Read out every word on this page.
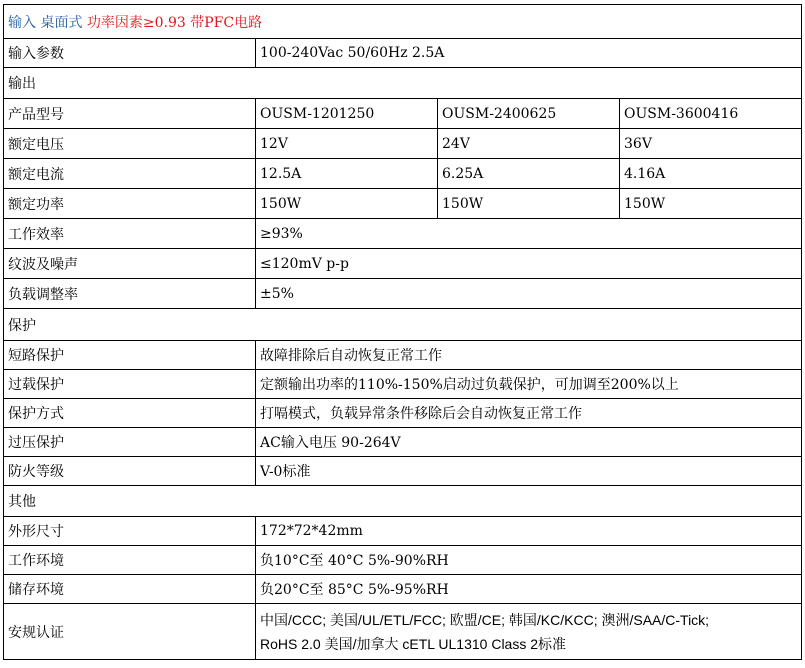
输入 桌面式 功率因素≥0.93 带PFC电路			
输入参数	100-240Vac 50/60Hz 2.5A		
输出			
产品型号	OUSM-1201250	OUSM-2400625	OUSM-3600416
额定电压	12V	24V	36V
额定电流	12.5A	6.25A	4.16A
额定功率	150W	150W	150W
工作效率	≥93%		
纹波及噪声	≤120mV p-p		
负载调整率	±5%		
保护			
短路保护	故障排除后自动恢复正常工作		
过载保护	定额输出功率的110%-150%启动过负载保护，可加调至200%以上		
保护方式	打嗝模式，负载异常条件移除后会自动恢复正常工作		
过压保护	AC输入电压 90-264V		
防火等级	V-0标准		
其他			
外形尺寸	172*72*42mm		
工作环境	负10°C至 40°C 5%-90%RH		
储存环境	负20°C至 85°C 5%-95%RH		
安规认证	中国/CCC; 美国/UL/ETL/FCC; 欧盟/CE; 韩国/KC/KCC; 澳洲/SAA/C-Tick;
RoHS 2.0 美国/加拿大 cETL UL1310 Class 2标准		
